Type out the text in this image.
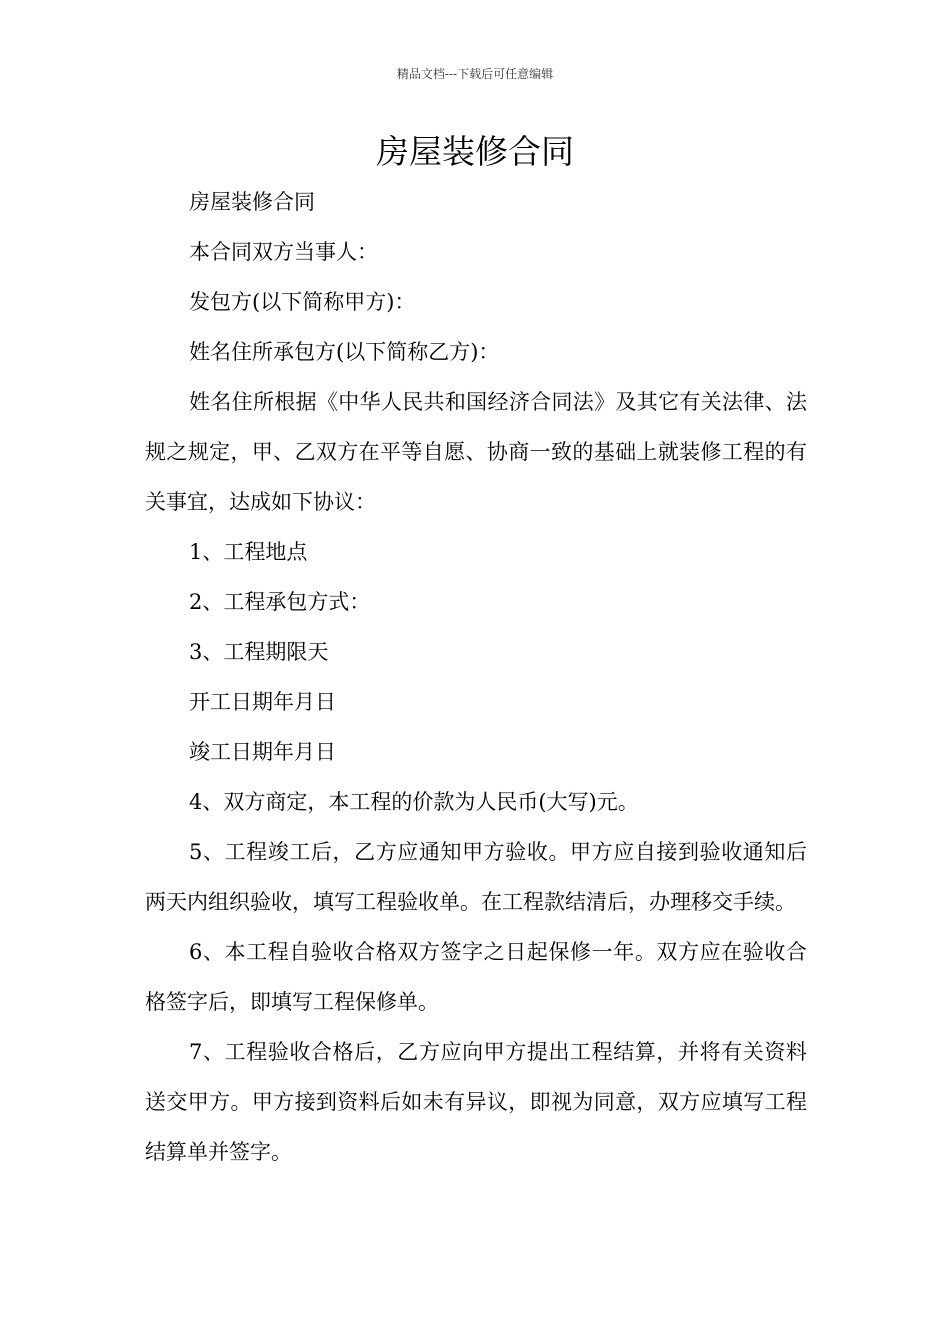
精品文档---下载后可任意编辑
房屋装修合同

房屋装修合同

本合同双方当事人：

发包方(以下简称甲方)：

姓名住所承包方(以下简称乙方)：

姓名住所根据《中华人民共和国经济合同法》及其它有关法律、法规之规定，甲、乙双方在平等自愿、协商一致的基础上就装修工程的有关事宜，达成如下协议：

1、工程地点

2、工程承包方式：

3、工程期限天

开工日期年月日

竣工日期年月日

4、双方商定，本工程的价款为人民币(大写)元。

5、工程竣工后，乙方应通知甲方验收。甲方应自接到验收通知后两天内组织验收，填写工程验收单。在工程款结清后，办理移交手续。

6、本工程自验收合格双方签字之日起保修一年。双方应在验收合格签字后，即填写工程保修单。

7、工程验收合格后，乙方应向甲方提出工程结算，并将有关资料送交甲方。甲方接到资料后如未有异议，即视为同意，双方应填写工程结算单并签字。
